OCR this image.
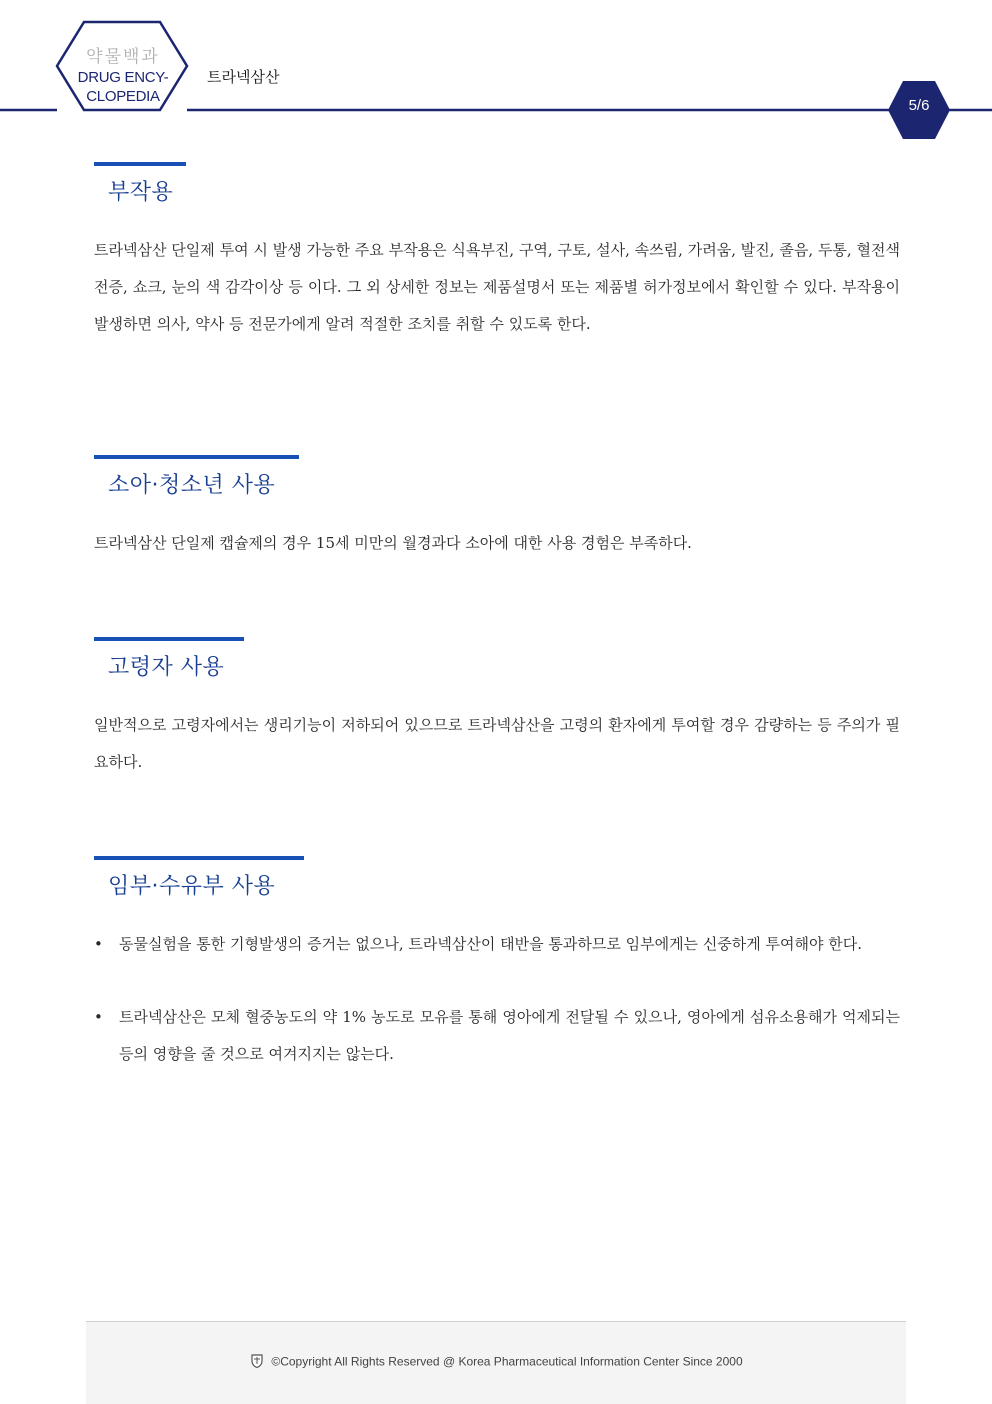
약물백과
DRUG ENCY-
CLOPEDIA
트라넥삼산
5/6
부작용

트라넥삼산 단일제 투여 시 발생 가능한 주요 부작용은 식욕부진, 구역, 구토, 설사, 속쓰림, 가려움, 발진, 졸음, 두통, 혈전색전증, 쇼크, 눈의 색 감각이상 등 이다. 그 외 상세한 정보는 제품설명서 또는 제품별 허가정보에서 확인할 수 있다. 부작용이 발생하면 의사, 약사 등 전문가에게 알려 적절한 조치를 취할 수 있도록 한다.

소아·청소년 사용

트라넥삼산 단일제 캡슐제의 경우 15세 미만의 월경과다 소아에 대한 사용 경험은 부족하다.

고령자 사용

일반적으로 고령자에서는 생리기능이 저하되어 있으므로 트라넥삼산을 고령의 환자에게 투여할 경우 감량하는 등 주의가 필요하다.

임부·수유부 사용

• 동물실험을 통한 기형발생의 증거는 없으나, 트라넥삼산이 태반을 통과하므로 임부에게는 신중하게 투여해야 한다.

• 트라넥삼산은 모체 혈중농도의 약 1% 농도로 모유를 통해 영아에게 전달될 수 있으나, 영아에게 섬유소용해가 억제되는 등의 영향을 줄 것으로 여겨지지는 않는다.

©Copyright All Rights Reserved @ Korea Pharmaceutical Information Center Since 2000
